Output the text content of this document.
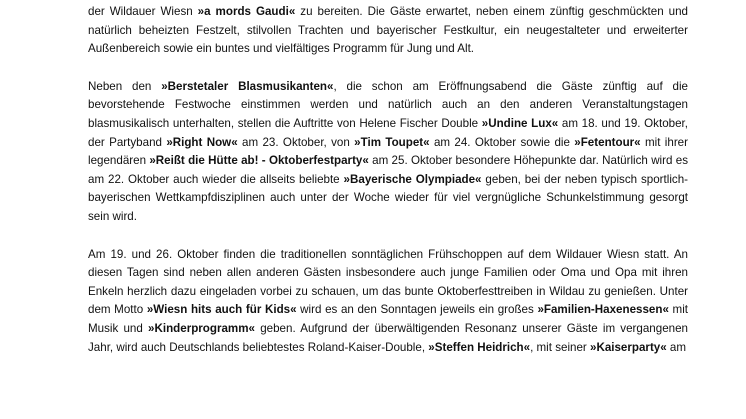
der Wildauer Wiesn »a mords Gaudi« zu bereiten. Die Gäste erwartet, neben einem zünftig geschmückten und natürlich beheizten Festzelt, stilvollen Trachten und bayerischer Festkultur, ein neugestalteter und erweiterter Außenbereich sowie ein buntes und vielfältiges Programm für Jung und Alt.

Neben den »Berstetaler Blasmusikanten«, die schon am Eröffnungsabend die Gäste zünftig auf die bevorstehende Festwoche einstimmen werden und natürlich auch an den anderen Veranstaltungstagen blasmusikalisch unterhalten, stellen die Auftritte von Helene Fischer Double »Undine Lux« am 18. und 19. Oktober, der Partyband »Right Now« am 23. Oktober, von »Tim Toupet« am 24. Oktober sowie die »Fetentour« mit ihrer legendären »Reißt die Hütte ab! - Oktoberfestparty« am 25. Oktober besondere Höhepunkte dar. Natürlich wird es am 22. Oktober auch wieder die allseits beliebte »Bayerische Olympiade« geben, bei der neben typisch sportlich-bayerischen Wettkampfdisziplinen auch unter der Woche wieder für viel vergnügliche Schunkelstimmung gesorgt sein wird.

Am 19. und 26. Oktober finden die traditionellen sonntäglichen Frühschoppen auf dem Wildauer Wiesn statt. An diesen Tagen sind neben allen anderen Gästen insbesondere auch junge Familien oder Oma und Opa mit ihren Enkeln herzlich dazu eingeladen vorbei zu schauen, um das bunte Oktoberfesttreiben in Wildau zu genießen. Unter dem Motto »Wiesn hits auch für Kids« wird es an den Sonntagen jeweils ein großes »Familien-Haxenessen« mit Musik und »Kinderprogramm« geben. Aufgrund der überwältigenden Resonanz unserer Gäste im vergangenen Jahr, wird auch Deutschlands beliebtestes Roland-Kaiser-Double, »Steffen Heidrich«, mit seiner »Kaiserparty« am
